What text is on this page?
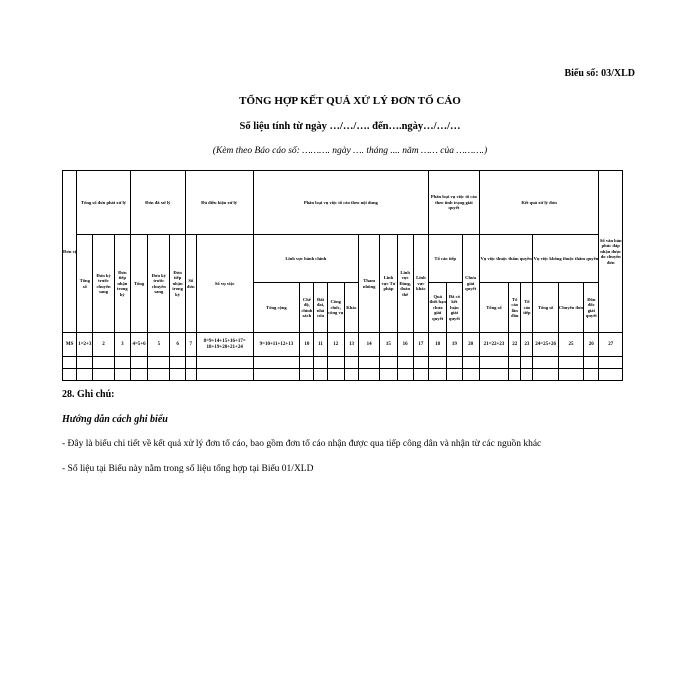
Biểu số: 03/XLD
TỔNG HỢP KẾT QUẢ XỬ LÝ ĐƠN TỐ CÁO
Số liệu tính từ ngày …/…/…. đến….ngày…/…/…
(Kèm theo Báo cáo số: ………. ngày …. tháng .... năm …… của ……….)
Đơn vị	Tổng số đơn phải xử lý			Đơn đã xử lý			Đủ điều kiện xử lý		Phân loại vụ việc tố cáo theo nội dung									Phân loại vụ việc tố cáo theo tình trạng giải quyết			Kết quả xử lý đơn						Số văn bản phúc đáp nhận được do chuyển đơn
	Tổng số	Đơn kỳ trước chuyển sang	Đơn tiếp nhận trong kỳ	Tổng	Đơn kỳ trước chuyển sang	Đơn tiếp nhận trong kỳ	Số đơn	Số vụ việc	Lĩnh vực hành chính					Tham nhũng	Lĩnh vực Tư pháp	Lĩnh vực Đảng, đoàn thể	Lĩnh vực khác	Tố cáo tiếp		Chưa giải quyết	Vụ việc thuộc thẩm quyền			Vụ việc không thuộc thẩm quyền			
									Tổng cộng	Chế độ, chính sách	Đất đai, nhà cửa	Công chức, công vụ	Khác					Quá thời hạn chưa giải quyết	Đã có kết luận giải quyết		Tổng số	Tố cáo lần đầu	Tố cáo tiếp	Tổng số	Chuyển đơn	Đôn đốc giải quyết	
MS	1=2+3	2	3	4=5+6	5	6	7	8=9+14+15+16+17= 18+19+20+21+24	9=10+11+12+13	10	11	12	13	14	15	16	17	18	19	20	21=22+23	22	23	24=25+26	25	26	27

28. Ghi chú:
Hướng dẫn cách ghi biểu
- Đây là biểu chi tiết về kết quả xử lý đơn tố cáo, bao gồm đơn tố cáo nhận được qua tiếp công dân và nhận từ các nguồn khác
- Số liệu tại Biểu này nằm trong số liệu tổng hợp tại Biểu 01/XLD
